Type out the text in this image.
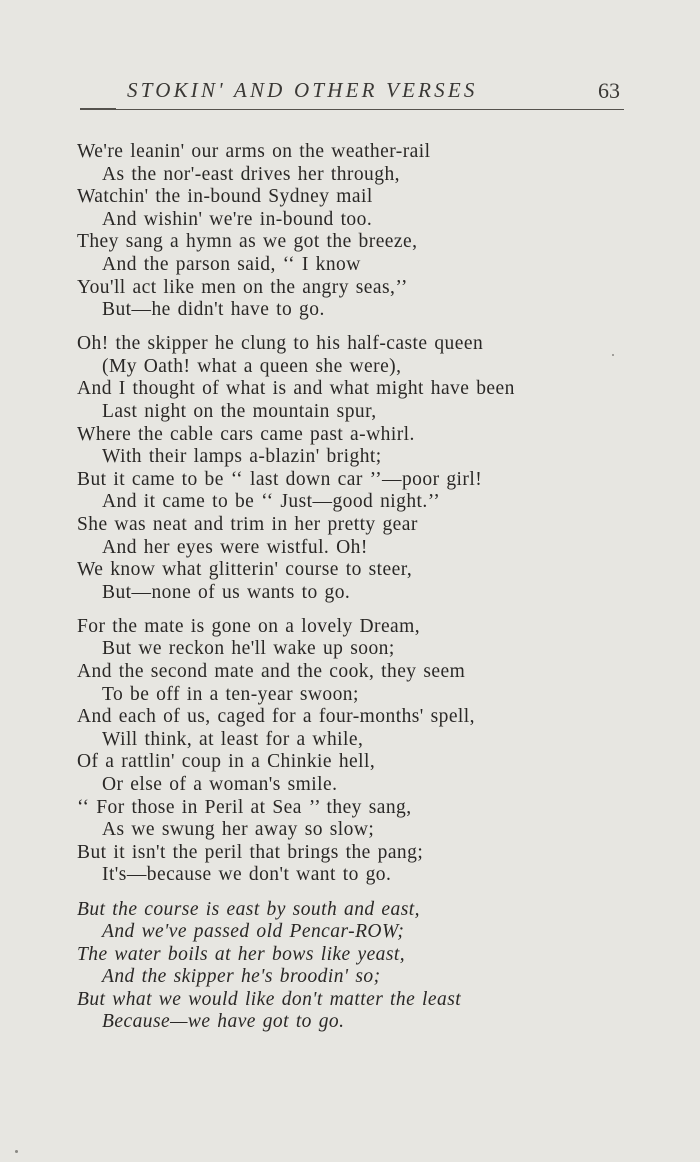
STOKIN' AND OTHER VERSES	63
We're leanin' our arms on the weather-rail
As the nor'-east drives her through,
Watchin' the in-bound Sydney mail
And wishin' we're in-bound too.
They sang a hymn as we got the breeze,
And the parson said, ‘‘ I know
You'll act like men on the angry seas,’’
But—he didn't have to go.
Oh! the skipper he clung to his half-caste queen
(My Oath! what a queen she were),
And I thought of what is and what might have been
Last night on the mountain spur,
Where the cable cars came past a-whirl.
With their lamps a-blazin' bright;
But it came to be ‘‘ last down car ’’—poor girl!
And it came to be ‘‘ Just—good night.’’
She was neat and trim in her pretty gear
And her eyes were wistful. Oh!
We know what glitterin' course to steer,
But—none of us wants to go.
For the mate is gone on a lovely Dream,
But we reckon he'll wake up soon;
And the second mate and the cook, they seem
To be off in a ten-year swoon;
And each of us, caged for a four-months' spell,
Will think, at least for a while,
Of a rattlin' coup in a Chinkie hell,
Or else of a woman's smile.
‘‘ For those in Peril at Sea ’’ they sang,
As we swung her away so slow;
But it isn't the peril that brings the pang;
It's—because we don't want to go.
But the course is east by south and east,
And we've passed old Pencar-ROW;
The water boils at her bows like yeast,
And the skipper he's broodin' so;
But what we would like don't matter the least
Because—we have got to go.
